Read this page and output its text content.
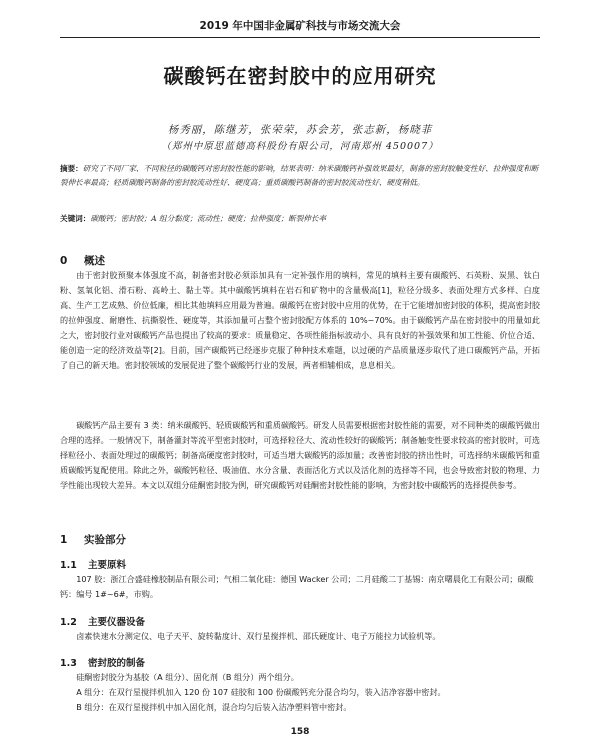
2019 年中国非金属矿科技与市场交流大会
碳酸钙在密封胶中的应用研究
杨秀丽，陈继芳，张荣荣，苏会芳，张志新，杨晓菲
（郑州中原思蓝德高科股份有限公司，河南郑州 450007）
摘要：研究了不同厂家、不同粒径的碳酸钙对密封胶性能的影响，结果表明：纳米碳酸钙补强效果最好，制备的密封胶触变性好、拉伸强度和断裂伸长率最高；轻质碳酸钙制备的密封胶流动性好、硬度高；重质碳酸钙制备的密封胶流动性好、硬度稍低。
关键词：碳酸钙；密封胶；A 组分黏度；流动性；硬度；拉伸强度；断裂伸长率
0 概述
由于密封胶预聚本体强度不高，制备密封胶必须添加具有一定补强作用的填料，常见的填料主要有碳酸钙、石英粉、炭黑、钛白粉、氢氧化铝、滑石粉、高岭土、黏土等。其中碳酸钙填料在岩石和矿物中的含量极高[1]，粒径分级多、表面处理方式多样、白度高、生产工艺成熟、价位低廉，相比其他填料应用最为普遍。碳酸钙在密封胶中应用的优势，在于它能增加密封胶的体积，提高密封胶的拉伸强度、耐磨性、抗撕裂性、硬度等，其添加量可占整个密封胶配方体系的 10%~70%。由于碳酸钙产品在密封胶中的用量如此之大，密封胶行业对碳酸钙产品也提出了较高的要求：质量稳定、各项性能指标波动小、具有良好的补强效果和加工性能、价位合适、能创造一定的经济效益等[2]。目前，国产碳酸钙已经逐步克服了种种技术难题，以过硬的产品质量逐步取代了进口碳酸钙产品，开拓了自己的新天地。密封胶领域的发展促进了整个碳酸钙行业的发展，两者相辅相成，息息相关。
碳酸钙产品主要有 3 类：纳米碳酸钙、轻质碳酸钙和重质碳酸钙。研发人员需要根据密封胶性能的需要，对不同种类的碳酸钙做出合理的选择。一般情况下，制备灌封等流平型密封胶时，可选择粒径大、流动性较好的碳酸钙；制备触变性要求较高的密封胶时，可选择粒径小、表面处理过的碳酸钙；制备高硬度密封胶时，可适当增大碳酸钙的添加量；改善密封胶的挤出性时，可选择纳米碳酸钙和重质碳酸钙复配使用。除此之外，碳酸钙粒径、吸油值、水分含量、表面活化方式以及活化剂的选择等不同，也会导致密封胶的物理、力学性能出现较大差异。本文以双组分硅酮密封胶为例，研究碳酸钙对硅酮密封胶性能的影响，为密封胶中碳酸钙的选择提供参考。
1 实验部分
1.1 主要原料
107 胶：浙江合盛硅橡胶制品有限公司；气相二氧化硅：德国 Wacker 公司；二月硅酸二丁基锡：南京曙晨化工有限公司；碳酸钙：编号 1#~6#，市购。
1.2 主要仪器设备
卤素快速水分测定仪、电子天平、旋转黏度计、双行星搅拌机、邵氏硬度计、电子万能拉力试验机等。
1.3 密封胶的制备
硅酮密封胶分为基胶（A 组分）、固化剂（B 组分）两个组分。
A 组分：在双行星搅拌机加入 120 份 107 硅胶和 100 份碳酸钙充分混合均匀，装入洁净容器中密封。
B 组分：在双行星搅拌机中加入固化剂，混合均匀后装入洁净塑料管中密封。
158
